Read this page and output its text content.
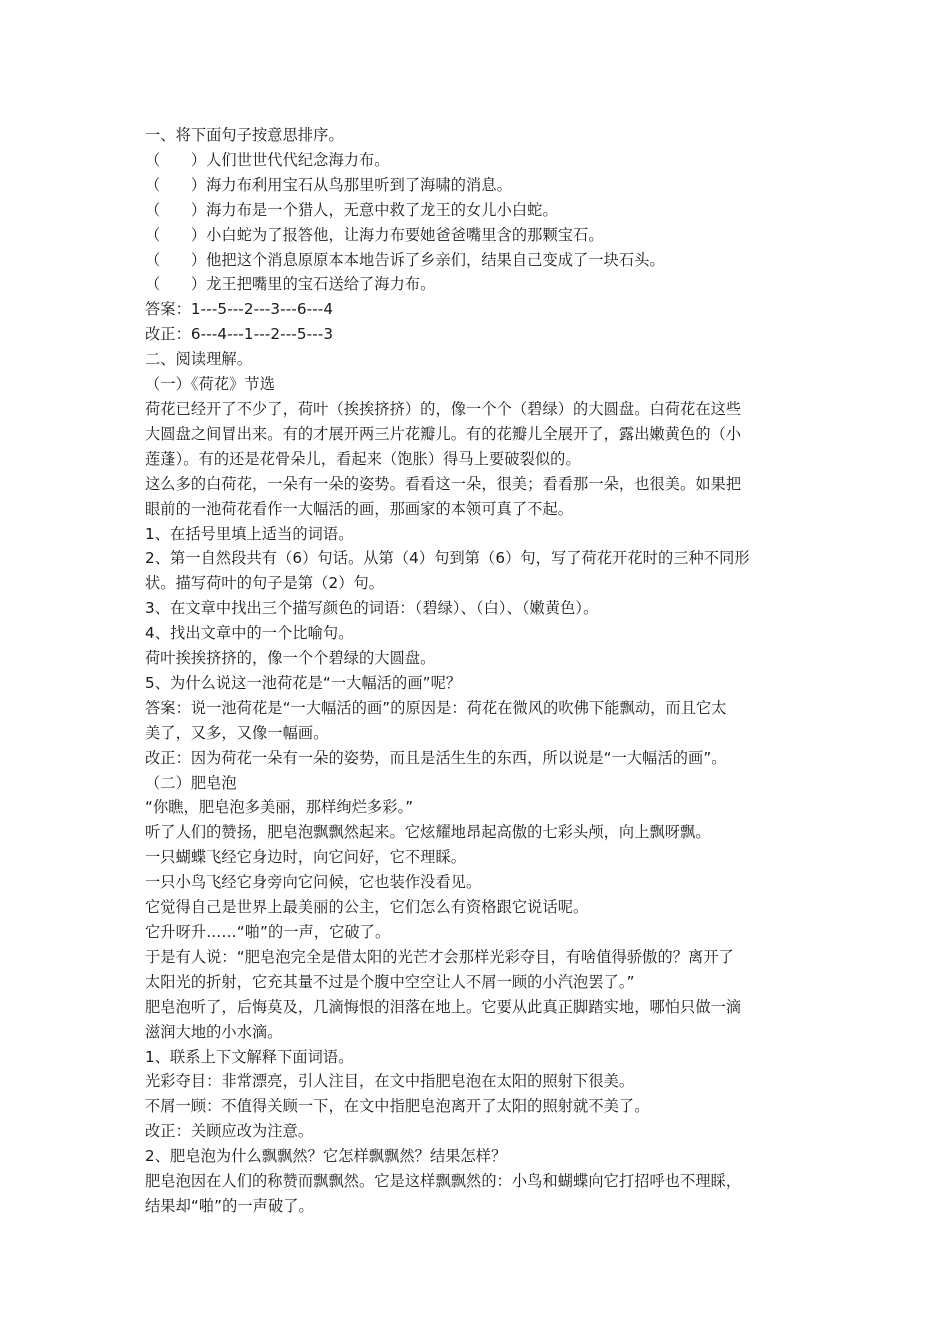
一、将下面句子按意思排序。
（　　）人们世世代代纪念海力布。
（　　）海力布利用宝石从鸟那里听到了海啸的消息。
（　　）海力布是一个猎人，无意中救了龙王的女儿小白蛇。
（　　）小白蛇为了报答他，让海力布要她爸爸嘴里含的那颗宝石。
（　　）他把这个消息原原本本地告诉了乡亲们，结果自己变成了一块石头。
（　　）龙王把嘴里的宝石送给了海力布。
答案：1---5---2---3---6---4
改正：6---4---1---2---5---3
二、阅读理解。
（一）《荷花》节选
荷花已经开了不少了，荷叶（挨挨挤挤）的，像一个个（碧绿）的大圆盘。白荷花在这些
大圆盘之间冒出来。有的才展开两三片花瓣儿。有的花瓣儿全展开了，露出嫩黄色的（小
莲蓬）。有的还是花骨朵儿，看起来（饱胀）得马上要破裂似的。
这么多的白荷花，一朵有一朵的姿势。看看这一朵，很美；看看那一朵，也很美。如果把
眼前的一池荷花看作一大幅活的画，那画家的本领可真了不起。
1、在括号里填上适当的词语。
2、第一自然段共有（6）句话。从第（4）句到第（6）句，写了荷花开花时的三种不同形
状。描写荷叶的句子是第（2）句。
3、在文章中找出三个描写颜色的词语：（碧绿）、（白）、（嫩黄色）。
4、找出文章中的一个比喻句。
荷叶挨挨挤挤的，像一个个碧绿的大圆盘。
5、为什么说这一池荷花是“一大幅活的画”呢？
答案：说一池荷花是“一大幅活的画”的原因是：荷花在微风的吹佛下能飘动，而且它太
美了，又多，又像一幅画。
改正：因为荷花一朵有一朵的姿势，而且是活生生的东西，所以说是“一大幅活的画”。
（二）肥皂泡
“你瞧，肥皂泡多美丽，那样绚烂多彩。”
听了人们的赞扬，肥皂泡飘飘然起来。它炫耀地昂起高傲的七彩头颅，向上飘呀飘。
一只蝴蝶飞经它身边时，向它问好，它不理睬。
一只小鸟飞经它身旁向它问候，它也装作没看见。
它觉得自己是世界上最美丽的公主，它们怎么有资格跟它说话呢。
它升呀升……“啪”的一声，它破了。
于是有人说：“肥皂泡完全是借太阳的光芒才会那样光彩夺目，有啥值得骄傲的？离开了
太阳光的折射，它充其量不过是个腹中空空让人不屑一顾的小汽泡罢了。”
肥皂泡听了，后悔莫及，几滴悔恨的泪落在地上。它要从此真正脚踏实地，哪怕只做一滴
滋润大地的小水滴。
1、联系上下文解释下面词语。
光彩夺目：非常漂亮，引人注目，在文中指肥皂泡在太阳的照射下很美。
不屑一顾：不值得关顾一下，在文中指肥皂泡离开了太阳的照射就不美了。
改正：关顾应改为注意。
2、肥皂泡为什么飘飘然？它怎样飘飘然？结果怎样？
肥皂泡因在人们的称赞而飘飘然。它是这样飘飘然的：小鸟和蝴蝶向它打招呼也不理睬，
结果却“啪”的一声破了。
